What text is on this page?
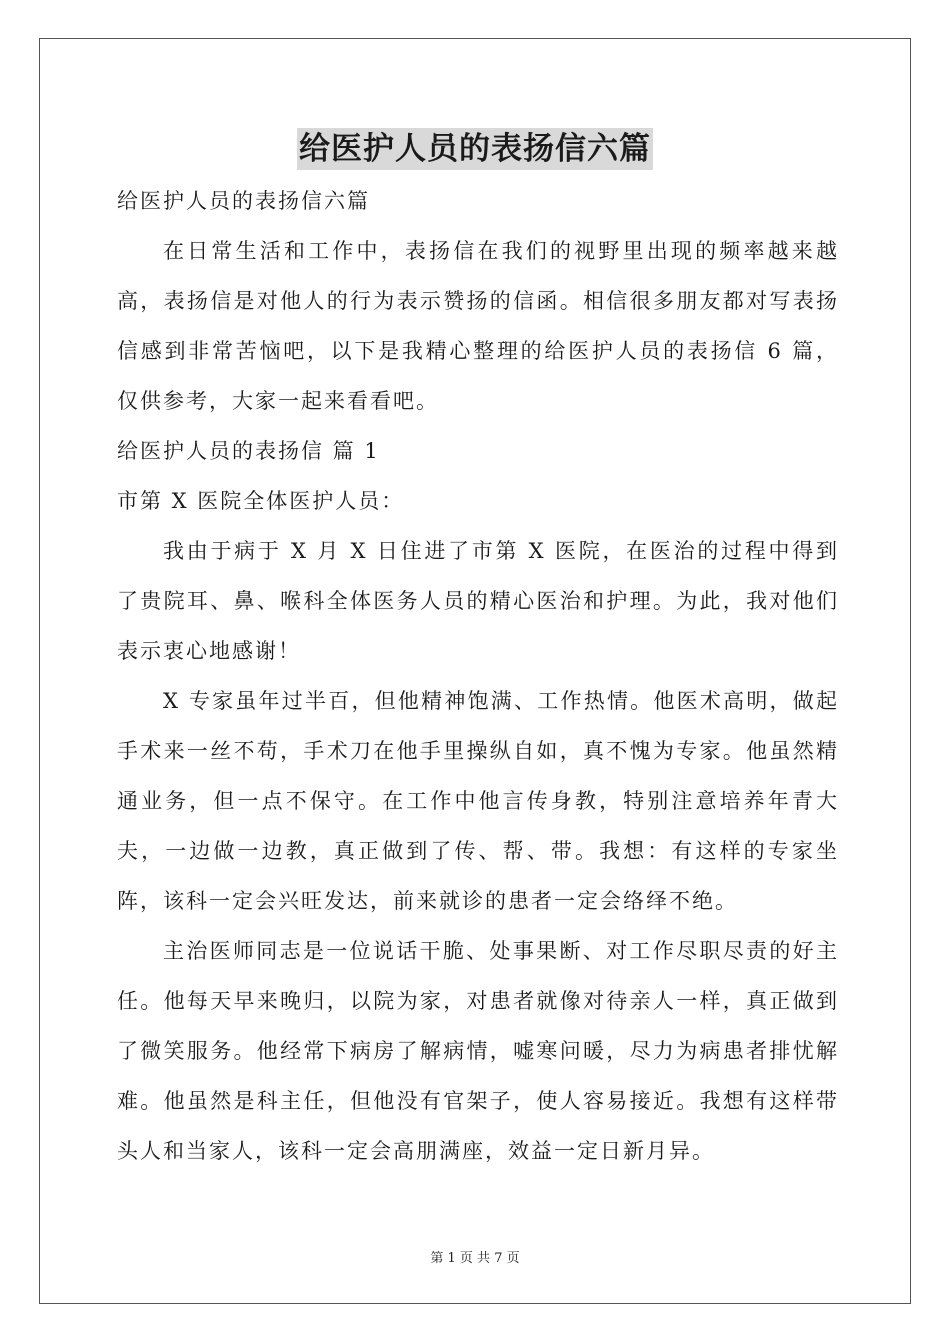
给医护人员的表扬信六篇

给医护人员的表扬信六篇

在日常生活和工作中，表扬信在我们的视野里出现的频率越来越高，表扬信是对他人的行为表示赞扬的信函。相信很多朋友都对写表扬信感到非常苦恼吧，以下是我精心整理的给医护人员的表扬信 6 篇，仅供参考，大家一起来看看吧。

给医护人员的表扬信 篇 1

市第 X 医院全体医护人员：

我由于病于 X 月 X 日住进了市第 X 医院，在医治的过程中得到了贵院耳、鼻、喉科全体医务人员的精心医治和护理。为此，我对他们表示衷心地感谢！

X 专家虽年过半百，但他精神饱满、工作热情。他医术高明，做起手术来一丝不苟，手术刀在他手里操纵自如，真不愧为专家。他虽然精通业务，但一点不保守。在工作中他言传身教，特别注意培养年青大夫，一边做一边教，真正做到了传、帮、带。我想：有这样的专家坐阵，该科一定会兴旺发达，前来就诊的患者一定会络绎不绝。

主治医师同志是一位说话干脆、处事果断、对工作尽职尽责的好主任。他每天早来晚归，以院为家，对患者就像对待亲人一样，真正做到了微笑服务。他经常下病房了解病情，嘘寒问暖，尽力为病患者排忧解难。他虽然是科主任，但他没有官架子，使人容易接近。我想有这样带头人和当家人，该科一定会高朋满座，效益一定日新月异。

第 1 页 共 7 页
